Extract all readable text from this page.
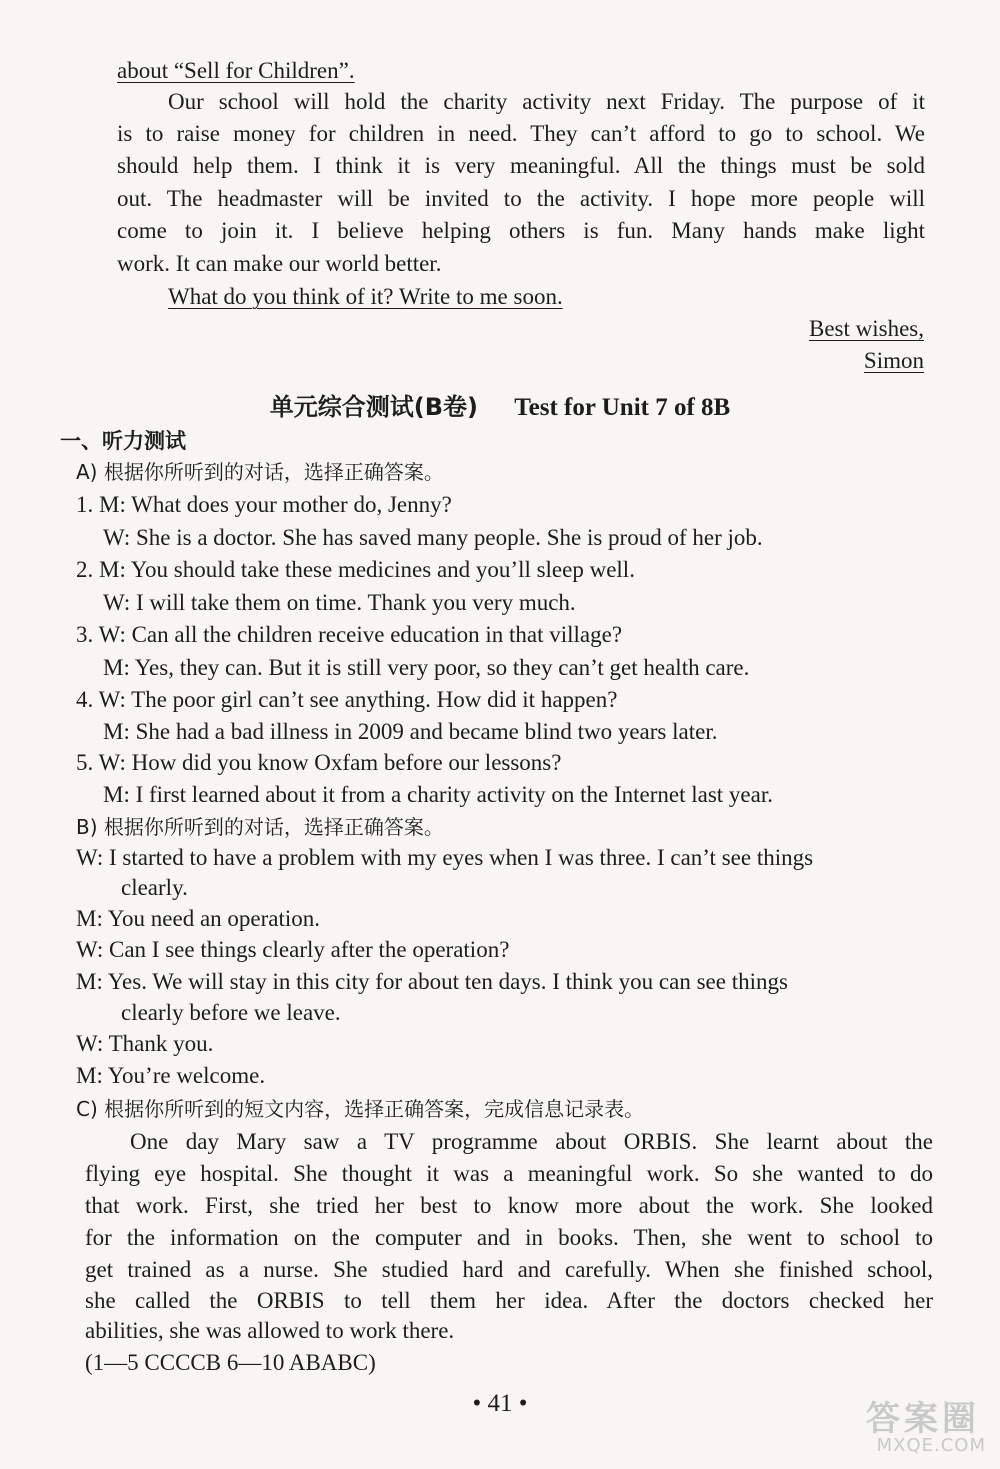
about “Sell for Children”.
Our school will hold the charity activity next Friday. The purpose of it
is to raise money for children in need. They can’t afford to go to school. We
should help them. I think it is very meaningful. All the things must be sold
out. The headmaster will be invited to the activity. I hope more people will
come to join it. I believe helping others is fun. Many hands make light
work. It can make our world better.
What do you think of it? Write to me soon.
Best wishes,
Simon
单元综合测试(B卷) Test for Unit 7 of 8B
一、听力测试
A) 根据你所听到的对话，选择正确答案。
1. M: What does your mother do, Jenny?
W: She is a doctor. She has saved many people. She is proud of her job.
2. M: You should take these medicines and you’ll sleep well.
W: I will take them on time. Thank you very much.
3. W: Can all the children receive education in that village?
M: Yes, they can. But it is still very poor, so they can’t get health care.
4. W: The poor girl can’t see anything. How did it happen?
M: She had a bad illness in 2009 and became blind two years later.
5. W: How did you know Oxfam before our lessons?
M: I first learned about it from a charity activity on the Internet last year.
B) 根据你所听到的对话，选择正确答案。
W: I started to have a problem with my eyes when I was three. I can’t see things
clearly.
M: You need an operation.
W: Can I see things clearly after the operation?
M: Yes. We will stay in this city for about ten days. I think you can see things
clearly before we leave.
W: Thank you.
M: You’re welcome.
C) 根据你所听到的短文内容，选择正确答案，完成信息记录表。
One day Mary saw a TV programme about ORBIS. She learnt about the
flying eye hospital. She thought it was a meaningful work. So she wanted to do
that work. First, she tried her best to know more about the work. She looked
for the information on the computer and in books. Then, she went to school to
get trained as a nurse. She studied hard and carefully. When she finished school,
she called the ORBIS to tell them her idea. After the doctors checked her
abilities, she was allowed to work there.
(1—5 CCCCB 6—10 ABABC)
• 41 •	答案圈
MXQE.COM
